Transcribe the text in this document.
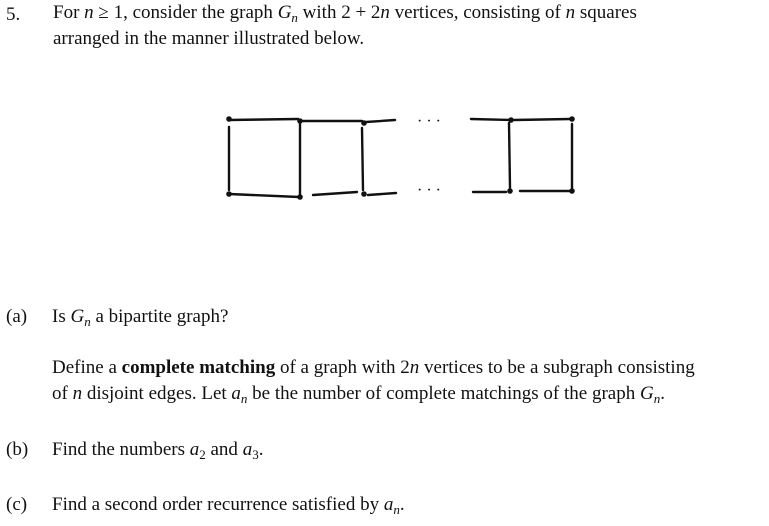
5. For n ≥ 1, consider the graph $G_n$ with 2 + 2n vertices, consisting of n squares
arranged in the manner illustrated below.
· · ·
· · ·
(a) Is $G_n$ a bipartite graph?
Define a complete matching of a graph with 2n vertices to be a subgraph consisting
of n disjoint edges. Let $a_n$ be the number of complete matchings of the graph $G_n$.
(b) Find the numbers $a_2$ and $a_3$.
(c) Find a second order recurrence satisfied by $a_n$.
